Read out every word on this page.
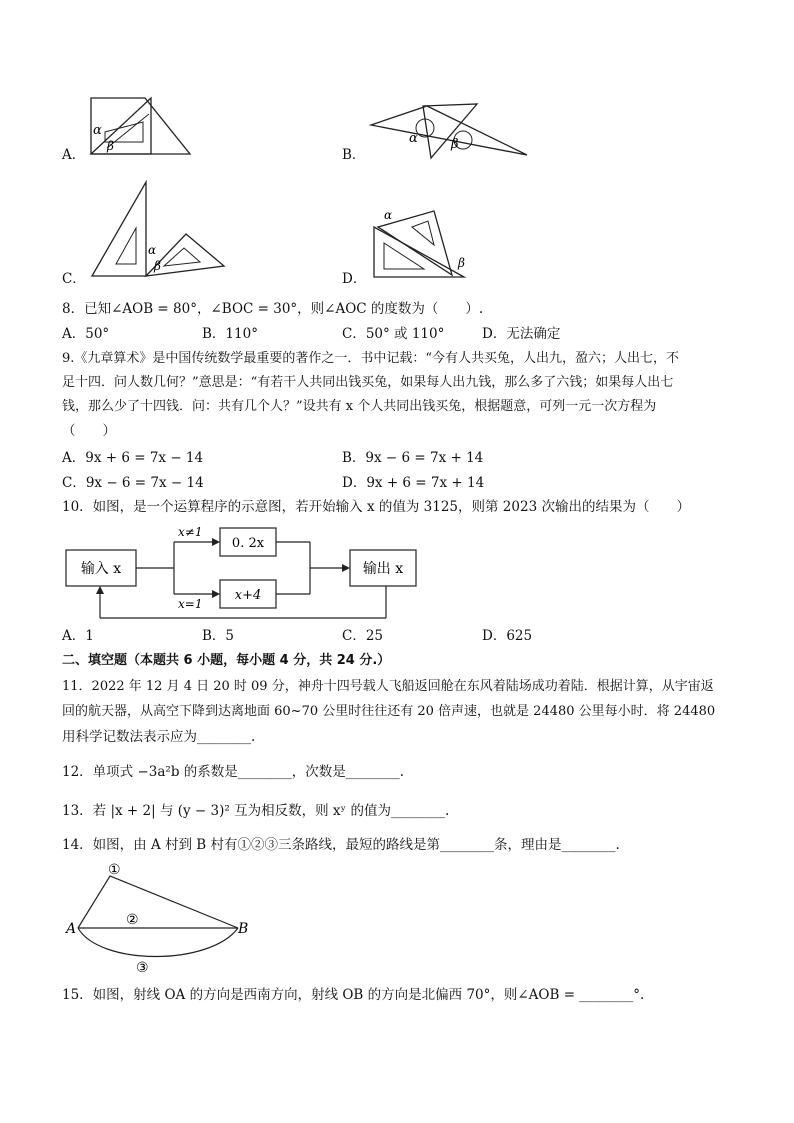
A．
α
β
B．
α	β
C．
α
β
D．
α
β
8．已知∠AOB = 80°，∠BOC = 30°，则∠AOC 的度数为（　　）.
A．50°	B．110°	C．50° 或 110°	D．无法确定
9.《九章算术》是中国传统数学最重要的著作之一．书中记载：“今有人共买兔，人出九，盈六；人出七，不
足十四．问人数几何？”意思是：“有若干人共同出钱买兔，如果每人出九钱，那么多了六钱；如果每人出七
钱，那么少了十四钱．问：共有几个人？”设共有 x 个人共同出钱买兔，根据题意，可列一元一次方程为
（　　）
A．9x + 6 = 7x − 14	B．9x − 6 = 7x + 14
C．9x − 6 = 7x − 14	D．9x + 6 = 7x + 14
10．如图，是一个运算程序的示意图，若开始输入 x 的值为 3125，则第 2023 次输出的结果为（　　）
输入 x
x≠1
x=1
0. 2x
x+4
输出 x
A．1	B．5	C．25	D．625
二、填空题（本题共 6 小题，每小题 4 分，共 24 分.）
11．2022 年 12 月 4 日 20 时 09 分，神舟十四号载人飞船返回舱在东风着陆场成功着陆．根据计算，从宇宙返
回的航天器，从高空下降到达离地面 60~70 公里时往往还有 20 倍声速，也就是 24480 公里每小时．将 24480
用科学记数法表示应为________.
12．单项式 −3a²b 的系数是________，次数是________.
13．若 |x + 2| 与 (y − 3)² 互为相反数，则 xʸ 的值为________.
14．如图，由 A 村到 B 村有①②③三条路线，最短的路线是第________条，理由是________.
A	B
①
②
③
15．如图，射线 OA 的方向是西南方向，射线 OB 的方向是北偏西 70°，则∠AOB = ________°.
